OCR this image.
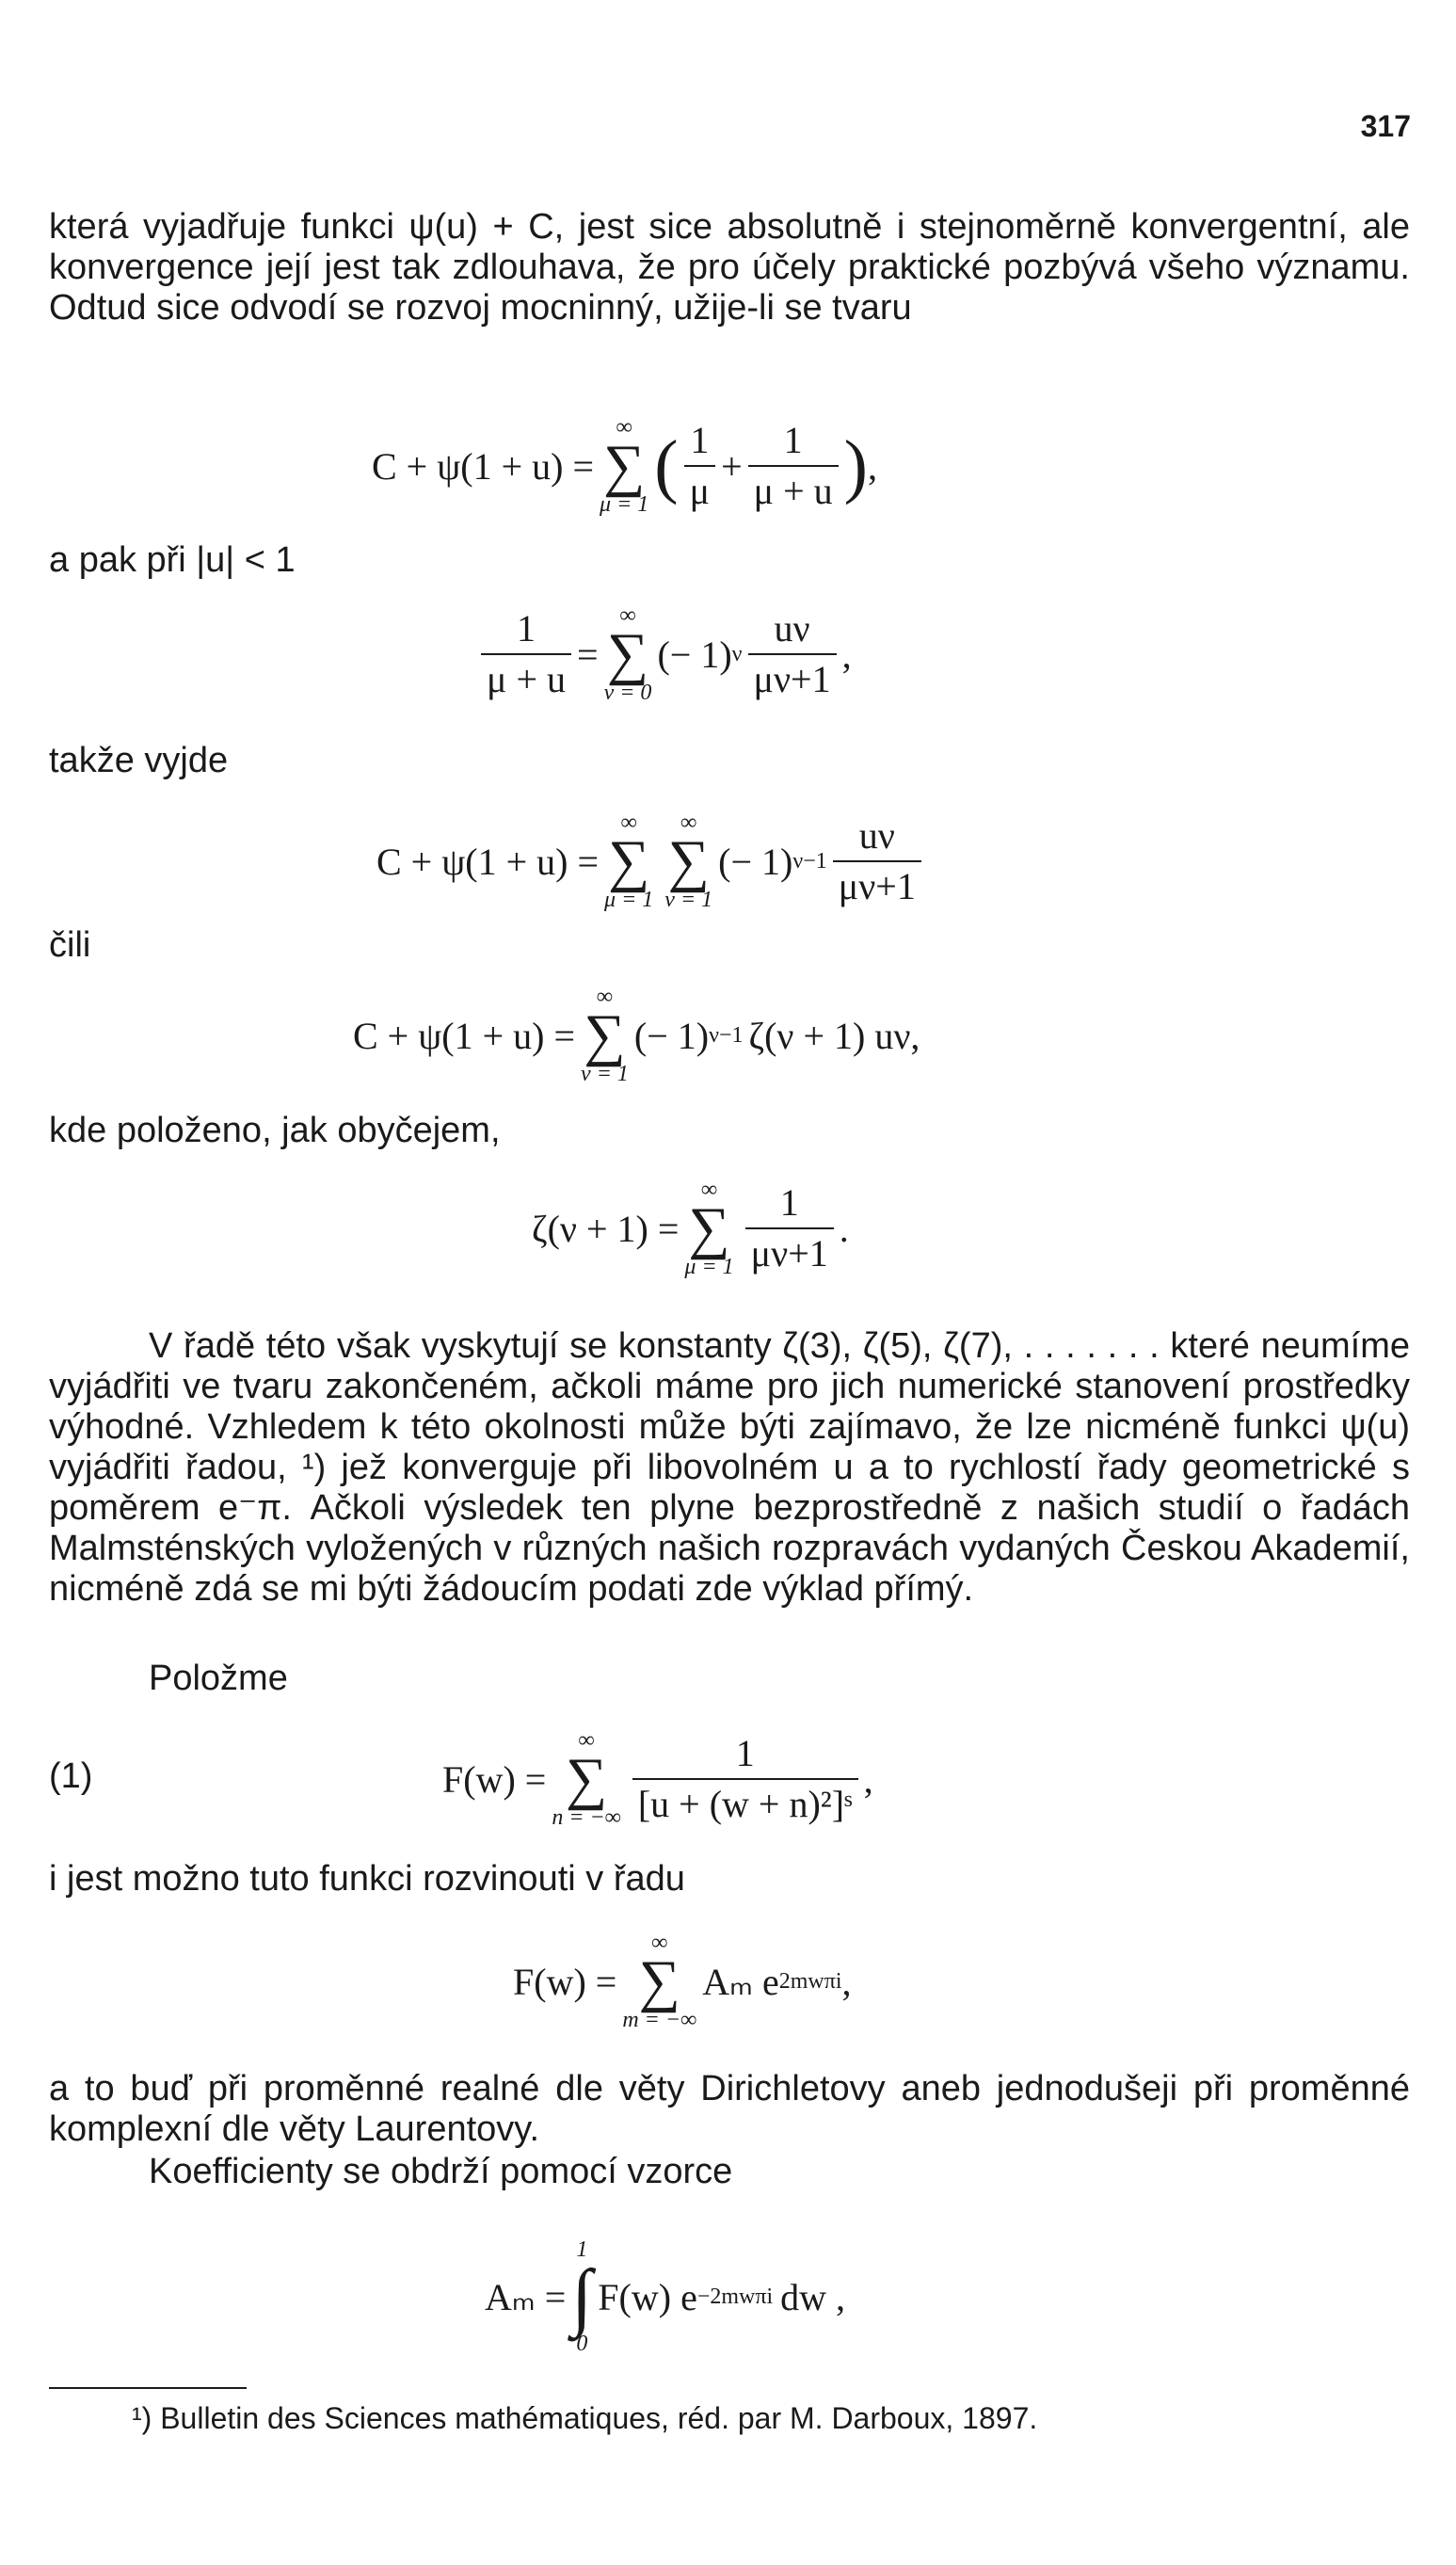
317
která vyjadřuje funkci ψ(u) + C, jest sice absolutně i stejnoměrně konvergentní, ale konvergence její jest tak zdlouhava, že pro účely praktické pozbývá všeho významu. Odtud sice odvodí se rozvoj mocninný, užije-li se tvaru
C + ψ(1 + u) =
∞
∑
μ = 1 ( $\frac{1}{\mu} + \frac{1}{\mu + u}$ ) ,
a pak při |u| < 1
$\frac{1}{\mu + u}$ =
∞
∑
ν = 0
(− 1) ν $\frac{u\nu}{\mu\nu+1}$ ,
takže vyjde
C + ψ(1 + u) =
∞
∑
μ = 1
∞
∑
ν = 1
(− 1) $\nu-1 \frac{u\nu}{\mu\nu+1}$
čili
C + ψ(1 + u) =
∞
∑
ν = 1
(− 1) ν−1 ζ(ν + 1) uν,
kde položeno, jak obyčejem,
ζ(ν + 1) =
∞
∑
$\mu = 1 \frac{1}{\mu\nu+1}$ .
V řadě této však vyskytují se konstanty ζ(3), ζ(5), ζ(7), . . . . . . . které neumíme vyjádřiti ve tvaru zakončeném, ačkoli máme pro jich numerické stanovení prostředky výhodné. Vzhledem k této okolnosti může býti zajímavo, že lze nicméně funkci ψ(u) vyjádřiti řadou, ¹) jež konverguje při libovolném u a to rychlostí řady geometrické s poměrem e⁻π. Ačkoli výsledek ten plyne bezprostředně z našich studií o řadách Malmsténských vyložených v různých našich rozpravách vydaných Českou Akademií, nicméně zdá se mi býti žádoucím podati zde výklad přímý.
Položme
(1)	F(w) =
∞
∑
n = −∞ $\frac{1}{\text{[u + (w + n)²]ˢ}}$ ,
i jest možno tuto funkci rozvinouti v řadu
F(w) =
∞
∑
m = −∞
Aₘ e 2mwπi ,
a to buď při proměnné realné dle věty Dirichletovy aneb jednodušeji při proměnné komplexní dle věty Laurentovy.
Koefficienty se obdrží pomocí vzorce
Aₘ =
1
∫
0
F(w) e −2mwπi dw ,
¹) Bulletin des Sciences mathématiques, réd. par M. Darboux, 1897.
